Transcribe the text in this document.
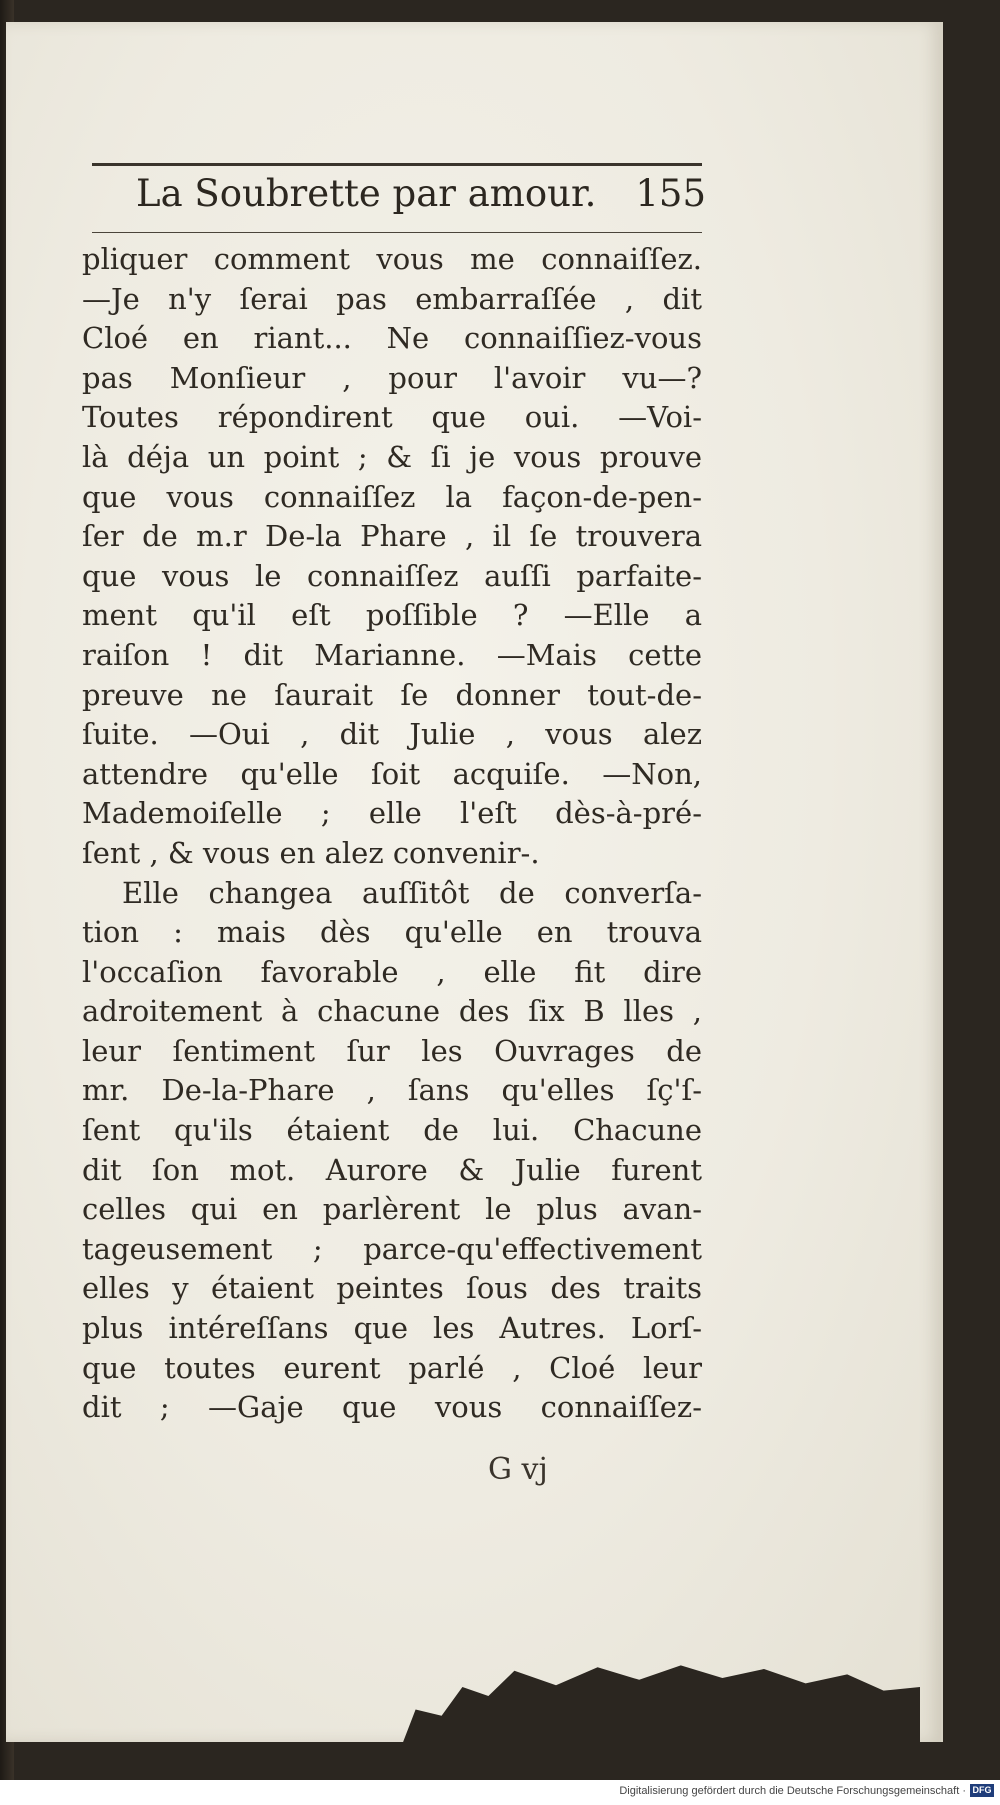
La Soubrette par amour. 155
pliquer comment vous me connaiſſez.
—Je n'y ſerai pas embarraſſée , dit
Cloé en riant... Ne connaiſſiez-vous
pas Monſieur , pour l'avoir vu—?
Toutes répondirent que oui. —Voi-
là déja un point ; & ſi je vous prouve
que vous connaiſſez la façon-de-pen-
ſer de m.r De-la Phare , il ſe trouvera
que vous le connaiſſez auſſi parfaite-
ment qu'il eſt poſſible ? —Elle a
raiſon ! dit Marianne. —Mais cette
preuve ne ſaurait ſe donner tout-de-
ſuite. —Oui , dit Julie , vous alez
attendre qu'elle ſoit acquiſe. —Non,
Mademoiſelle ; elle l'eſt dès-à-pré-
ſent , & vous en alez convenir-.
Elle changea auſſitôt de converſa-
tion : mais dès qu'elle en trouva
l'occaſion favorable , elle fit dire
adroitement à chacune des ſix B lles ,
leur ſentiment ſur les Ouvrages de
mr. De-la-Phare , ſans qu'elles ſç'ſ-
ſent qu'ils étaient de lui. Chacune
dit ſon mot. Aurore & Julie furent
celles qui en parlèrent le plus avan-
tageusement ; parce-qu'effectivement
elles y étaient peintes ſous des traits
plus intéreſſans que les Autres. Lorſ-
que toutes eurent parlé , Cloé leur
dit ; —Gaje que vous connaiſſez-
G vj
Digitalisierung gefördert durch die Deutsche Forschungsgemeinschaft · DFG
